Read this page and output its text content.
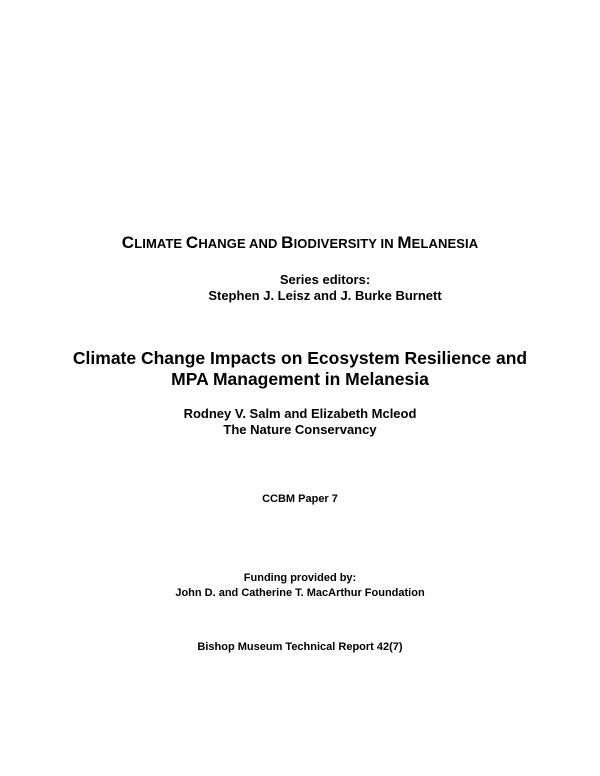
CLIMATE CHANGE AND BIODIVERSITY IN MELANESIA

Series editors:

Stephen J. Leisz and J. Burke Burnett

Climate Change Impacts on Ecosystem Resilience and
MPA Management in Melanesia

Rodney V. Salm and Elizabeth Mcleod
The Nature Conservancy

CCBM Paper 7

Funding provided by:

John D. and Catherine T. MacArthur Foundation

Bishop Museum Technical Report 42(7)
